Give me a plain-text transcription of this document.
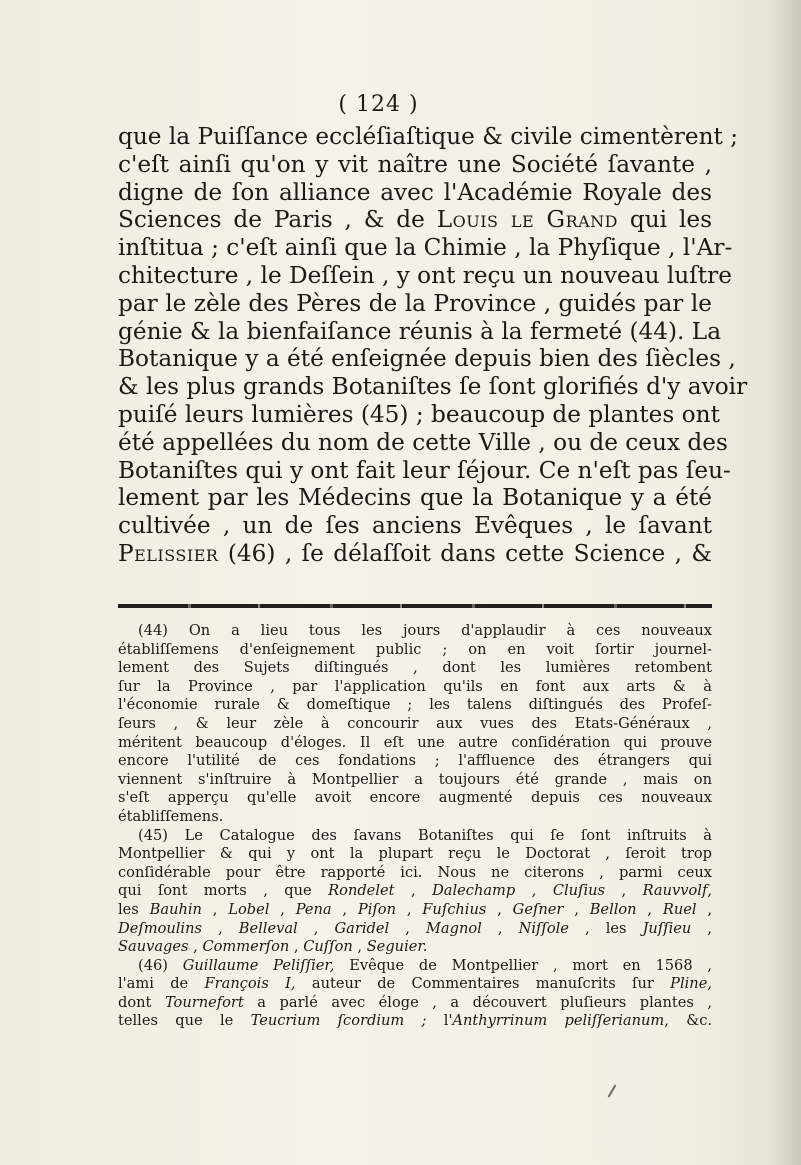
( 124 )
que la Puiſſance eccléſiaſtique & civile cimentèrent ;
c'eſt ainſi qu'on y vit naître une Société ſavante ,
digne de ſon alliance avec l'Académie Royale des
Sciences de Paris , & de Louis le Grand qui les
inſtitua ; c'eſt ainſi que la Chimie , la Phyſique , l'Ar-
chitecture , le Deſſein , y ont reçu un nouveau luſtre
par le zèle des Pères de la Province , guidés par le
génie & la bienfaiſance réunis à la fermeté (44). La
Botanique y a été enſeignée depuis bien des ſiècles ,
& les plus grands Botaniſtes ſe ſont glorifiés d'y avoir
puiſé leurs lumières (45) ; beaucoup de plantes ont
été appellées du nom de cette Ville , ou de ceux des
Botaniſtes qui y ont fait leur ſéjour. Ce n'eſt pas ſeu-
lement par les Médecins que la Botanique y a été
cultivée , un de ſes anciens Evêques , le ſavant
Pelissier (46) , ſe délaſſoit dans cette Science , &
(44) On a lieu tous les jours d'applaudir à ces nouveaux
établiſſemens d'enſeignement public ; on en voit ſortir journel-
lement des Sujets diſtingués , dont les lumières retombent
ſur la Province , par l'application qu'ils en font aux arts & à
l'économie rurale & domeſtique ; les talens diſtingués des Profeſ-
ſeurs , & leur zèle à concourir aux vues des Etats-Généraux ,
méritent beaucoup d'éloges. Il eſt une autre conſidération qui prouve
encore l'utilité de ces fondations ; l'affluence des étrangers qui
viennent s'inſtruire à Montpellier a toujours été grande , mais on
s'eſt apperçu qu'elle avoit encore augmenté depuis ces nouveaux
établiſſemens.
(45) Le Catalogue des ſavans Botaniſtes qui ſe ſont inſtruits à
Montpellier & qui y ont la plupart reçu le Doctorat , ſeroit trop
conſidérable pour être rapporté ici. Nous ne citerons , parmi ceux
qui ſont morts , que Rondelet , Dalechamp , Cluſius , Rauvvolf,
les Bauhin , Lobel , Pena , Piſon , Fuſchius , Geſner , Bellon , Ruel ,
Deſmoulins , Belleval , Garidel , Magnol , Niſſole , les Juſſieu ,
Sauvages , Commerſon , Cuſſon , Seguier.
(46) Guillaume Peliſſier, Evêque de Montpellier , mort en 1568 ,
l'ami de François I, auteur de Commentaires manuſcrits ſur Pline,
dont Tournefort a parlé avec éloge , a découvert pluſieurs plantes ,
telles que le Teucrium ſcordium ; l'Anthyrrinum peliſſerianum, &c.
